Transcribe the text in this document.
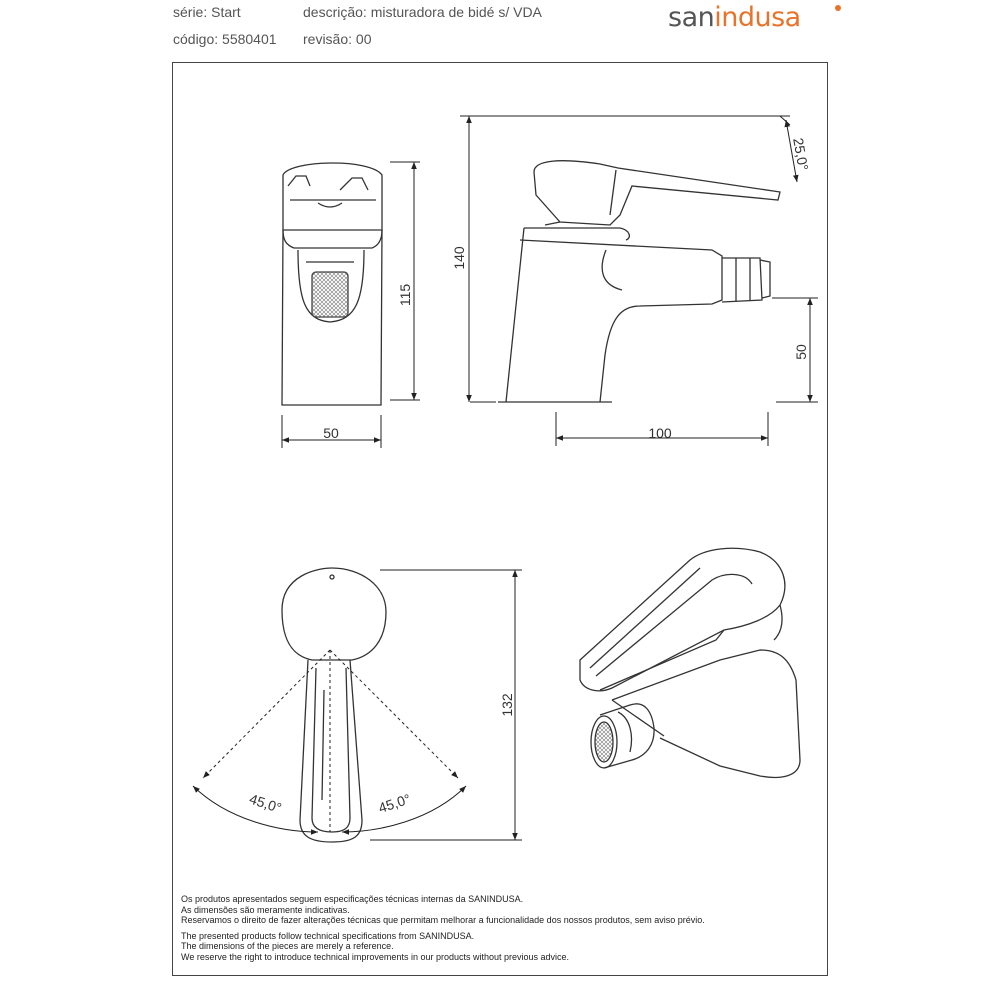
série: Start	descrição: misturadora de bidé s/ VDA
código: 5580401 revisão: 00
sanindusa
115
50
140
25,0°
50
100
45,0°	45,0°
132

Os produtos apresentados seguem especificações técnicas internas da SANINDUSA.

As dimensões são meramente indicativas.

Reservamos o direito de fazer alterações técnicas que permitam melhorar a funcionalidade dos nossos produtos, sem aviso prévio.

The presented products follow technical specifications from SANINDUSA.

The dimensions of the pieces are merely a reference.

We reserve the right to introduce technical improvements in our products without previous advice.
